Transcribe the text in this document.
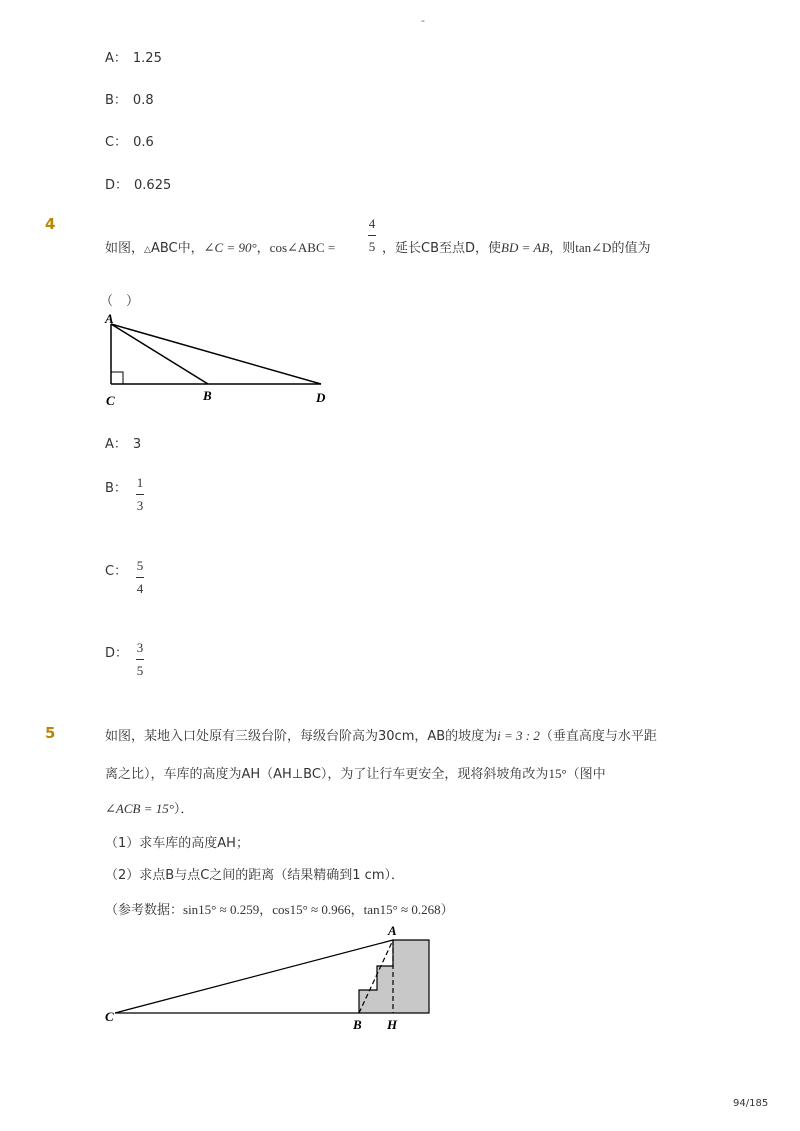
-
A： 1.25
B： 0.8
C： 0.6
D： 0.625
4
如图，△ABC中，∠C = 90°，cos∠ABC =
4
5 ，延长CB至点D，使BD = AB，则tan∠D的值为
（　）
A
C	B	D
A： 3
B： 1
3
C： 5
4
D： 3
5
5	如图，某地入口处原有三级台阶，每级台阶高为30cm，AB的坡度为i = 3 : 2（垂直高度与水平距
离之比），车库的高度为AH（AH⊥BC），为了让行车更安全，现将斜坡角改为15°（图中
∠ACB = 15°）．
（1）求车库的高度AH；
（2）求点B与点C之间的距离（结果精确到1 cm）．
（参考数据：sin15° ≈ 0.259，cos15° ≈ 0.966，tan15° ≈ 0.268）
A
C
B H
94/185
